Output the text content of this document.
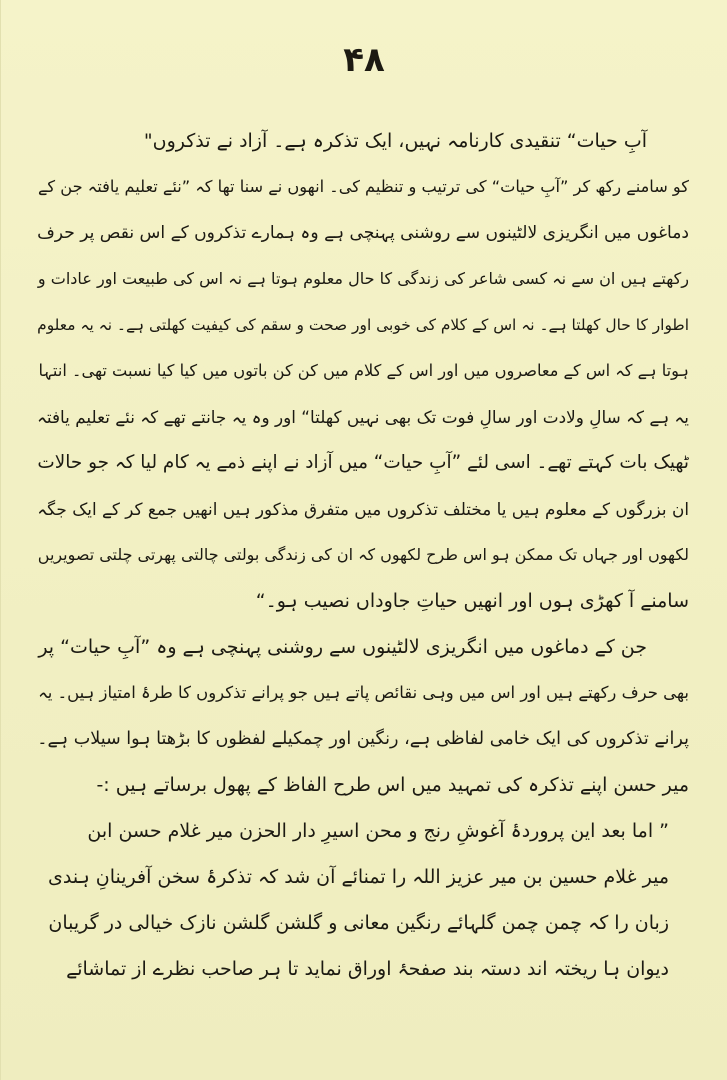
۴۸
آبِ حیات“ تنقیدی کارنامہ نہیں، ایک تذکرہ ہے۔ آزاد نے تذکروں"
کو سامنے رکھ کر ”آبِ حیات“ کی ترتیب و تنظیم کی۔ انھوں نے سنا تھا کہ ”نئے تعلیم یافتہ جن کے
دماغوں میں انگریزی لالٹینوں سے روشنی پہنچی ہے وہ ہمارے تذکروں کے اس نقص پر حرف
رکھتے ہیں ان سے نہ کسی شاعر کی زندگی کا حال معلوم ہوتا ہے نہ اس کی طبیعت اور عادات و
اطوار کا حال کھلتا ہے۔ نہ اس کے کلام کی خوبی اور صحت و سقم کی کیفیت کھلتی ہے۔ نہ یہ معلوم
ہوتا ہے کہ اس کے معاصروں میں اور اس کے کلام میں کن کن باتوں میں کیا کیا نسبت تھی۔ انتہا
یہ ہے کہ سالِ ولادت اور سالِ فوت تک بھی نہیں کھلتا“ اور وہ یہ جانتے تھے کہ نئے تعلیم یافتہ
ٹھیک بات کہتے تھے۔ اسی لئے ”آبِ حیات“ میں آزاد نے اپنے ذمے یہ کام لیا کہ جو حالات
ان بزرگوں کے معلوم ہیں یا مختلف تذکروں میں متفرق مذکور ہیں انھیں جمع کر کے ایک جگہ
لکھوں اور جہاں تک ممکن ہو اس طرح لکھوں کہ ان کی زندگی بولتی چالتی پھرتی چلتی تصویریں
سامنے آ کھڑی ہوں اور انھیں حیاتِ جاوداں نصیب ہو۔“
جن کے دماغوں میں انگریزی لالٹینوں سے روشنی پہنچی ہے وہ ”آبِ حیات“ پر
بھی حرف رکھتے ہیں اور اس میں وہی نقائص پاتے ہیں جو پرانے تذکروں کا طرۂ امتیاز ہیں۔ یہ
پرانے تذکروں کی ایک خامی لفاظی ہے، رنگین اور چمکیلے لفظوں کا بڑھتا ہوا سیلاب ہے۔
میر حسن اپنے تذکرہ کی تمہید میں اس طرح الفاظ کے پھول برساتے ہیں :-
” اما بعد این پروردۂ آغوشِ رنج و محن اسیرِ دار الحزن میر غلام حسن ابن
میر غلام حسین بن میر عزیز اللہ را تمنائے آن شد کہ تذکرۂ سخن آفرینانِ ہندی
زبان را کہ چمن چمن گلہائے رنگین معانی و گلشن گلشن نازک خیالی در گریبان
دیوان ہا ریختہ اند دستہ بند صفحۂ اوراق نماید تا ہر صاحب نظرے از تماشائے
